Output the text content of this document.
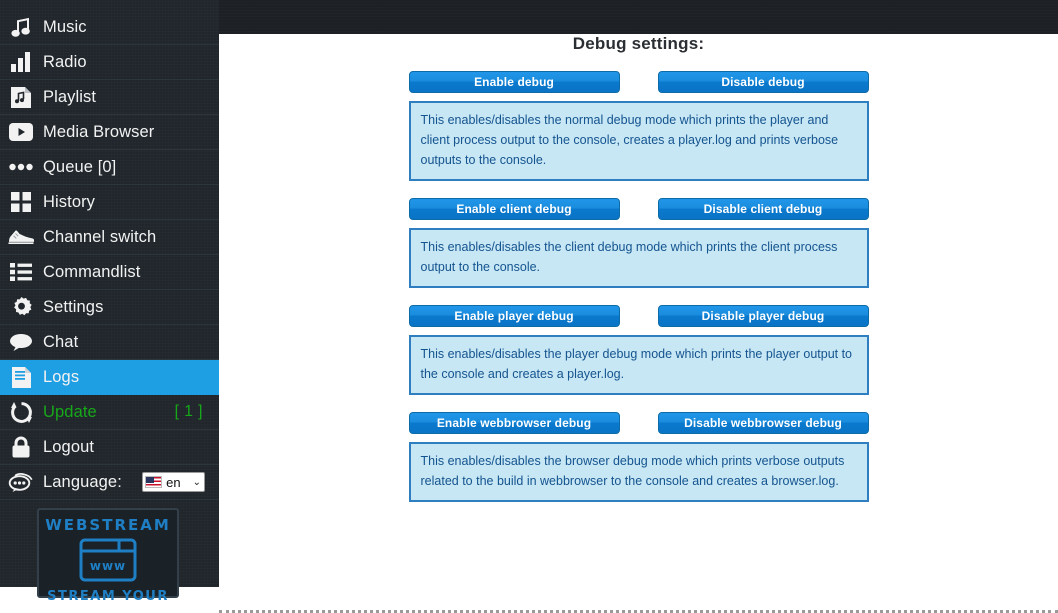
Music
Radio
Playlist
Media Browser
Queue [0]
History
Channel switch
Commandlist
Settings
Chat
Logs
Update	[ 1 ]
Logout
Language:	en	⌄
WEBSTREAM
www
STREAM YOUR
Debug settings:
Enable debug	Disable debug
This enables/disables the normal debug mode which prints the player and client process output to the console, creates a player.log and prints verbose outputs to the console.
Enable client debug	Disable client debug
This enables/disables the client debug mode which prints the client process output to the console.
Enable player debug	Disable player debug
This enables/disables the player debug mode which prints the player output to the console and creates a player.log.
Enable webbrowser debug	Disable webbrowser debug
This enables/disables the browser debug mode which prints verbose outputs related to the build in webbrowser to the console and creates a browser.log.
